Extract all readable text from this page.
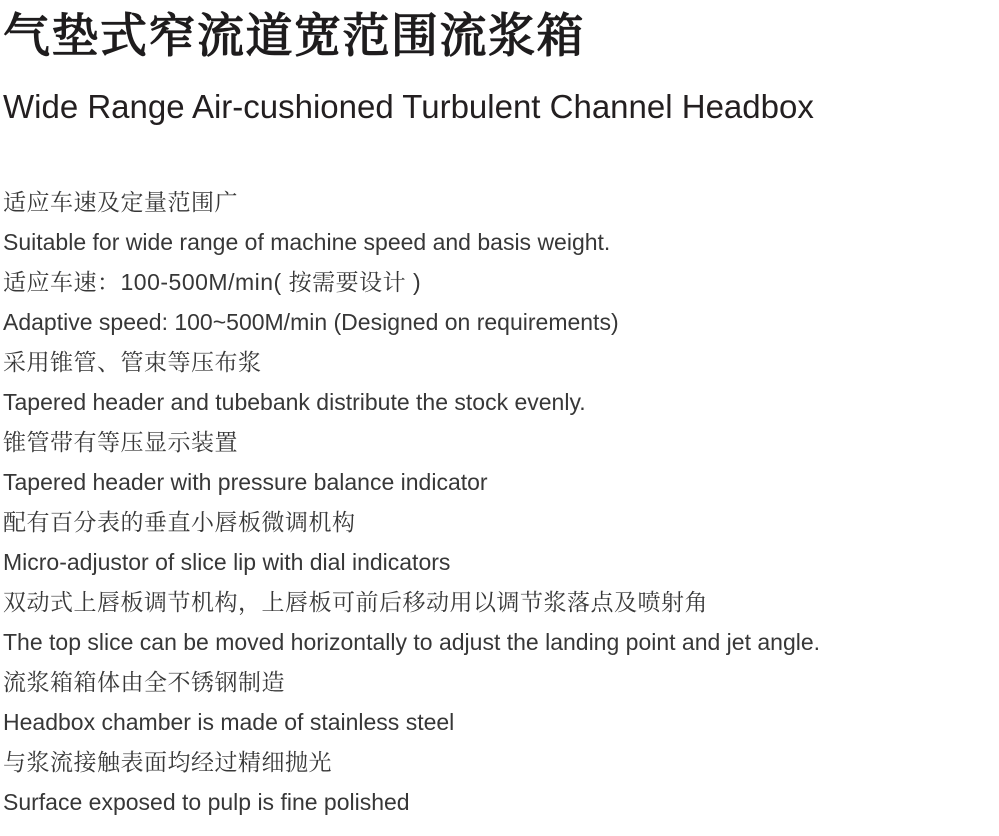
气垫式窄流道宽范围流浆箱
Wide Range Air-cushioned Turbulent Channel Headbox

适应车速及定量范围广

Suitable for wide range of machine speed and basis weight.

适应车速：100-500M/min( 按需要设计 )

Adaptive speed: 100~500M/min (Designed on requirements)

采用锥管、管束等压布浆

Tapered header and tubebank distribute the stock evenly.

锥管带有等压显示装置

Tapered header with pressure balance indicator

配有百分表的垂直小唇板微调机构

Micro-adjustor of slice lip with dial indicators

双动式上唇板调节机构，上唇板可前后移动用以调节浆落点及喷射角

The top slice can be moved horizontally to adjust the landing point and jet angle.

流浆箱箱体由全不锈钢制造

Headbox chamber is made of stainless steel

与浆流接触表面均经过精细抛光

Surface exposed to pulp is fine polished
